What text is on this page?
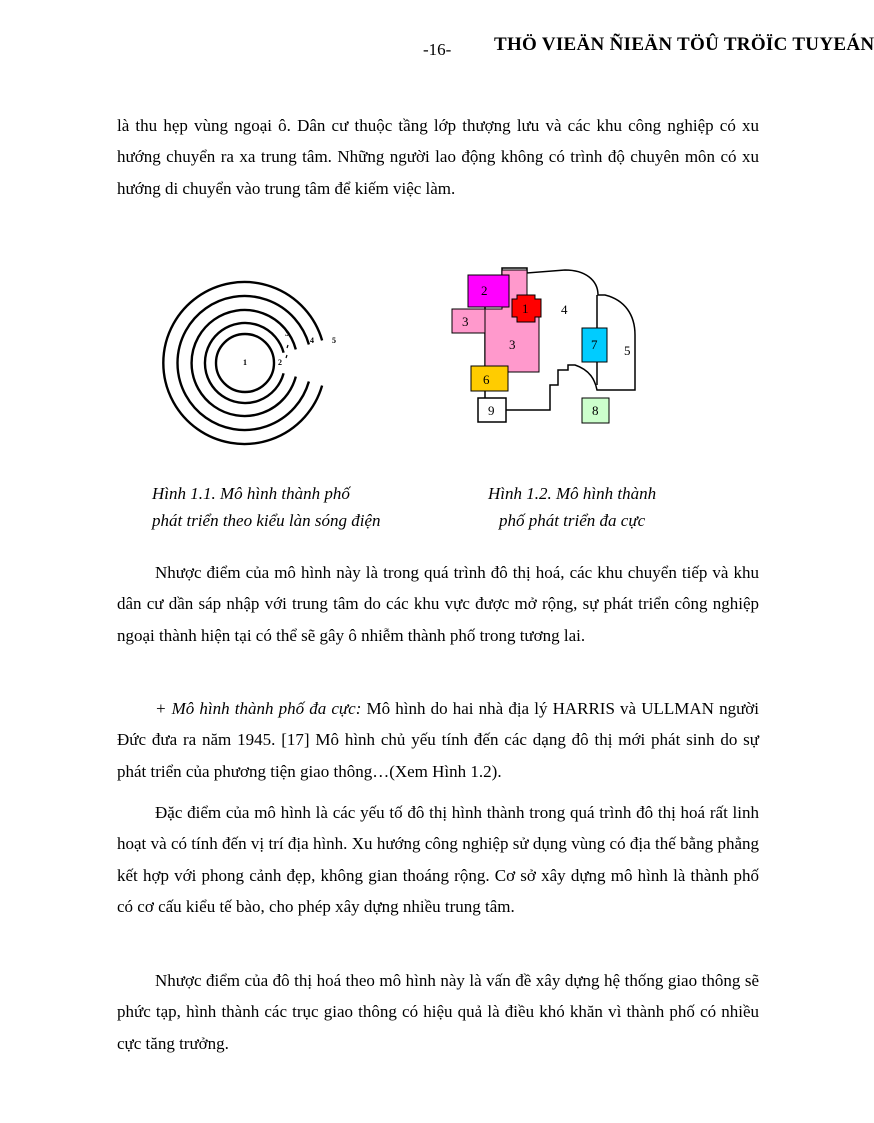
-16- THÖ VIEÄN ÑIEÄN TÖÛ TRÖÏC TUYEÁN

là thu hẹp vùng ngoại ô. Dân cư thuộc tầng lớp thượng lưu và các khu công nghiệp có xu hướng chuyển ra xa trung tâm. Những người lao động không có trình độ chuyên môn có xu hướng di chuyển vào trung tâm để kiếm việc làm.

1	2
3
4 5
2
1	4
3
3	7 5
6
9	8
Hình 1.1. Mô hình thành phố
phát triển theo kiểu làn sóng điện
Hình 1.2. Mô hình thành
phố phát triển đa cực

Nhược điểm của mô hình này là trong quá trình đô thị hoá, các khu chuyển tiếp và khu dân cư dần sáp nhập với trung tâm do các khu vực được mở rộng, sự phát triển công nghiệp ngoại thành hiện tại có thể sẽ gây ô nhiễm thành phố trong tương lai.

+ Mô hình thành phố đa cực: Mô hình do hai nhà địa lý HARRIS và ULLMAN người Đức đưa ra năm 1945. [17] Mô hình chủ yếu tính đến các dạng đô thị mới phát sinh do sự phát triển của phương tiện giao thông…(Xem Hình 1.2).

Đặc điểm của mô hình là các yếu tố đô thị hình thành trong quá trình đô thị hoá rất linh hoạt và có tính đến vị trí địa hình. Xu hướng công nghiệp sử dụng vùng có địa thế bằng phẳng kết hợp với phong cảnh đẹp, không gian thoáng rộng. Cơ sở xây dựng mô hình là thành phố có cơ cấu kiểu tế bào, cho phép xây dựng nhiều trung tâm.

Nhược điểm của đô thị hoá theo mô hình này là vấn đề xây dựng hệ thống giao thông sẽ phức tạp, hình thành các trục giao thông có hiệu quả là điều khó khăn vì thành phố có nhiều cực tăng trưởng.
